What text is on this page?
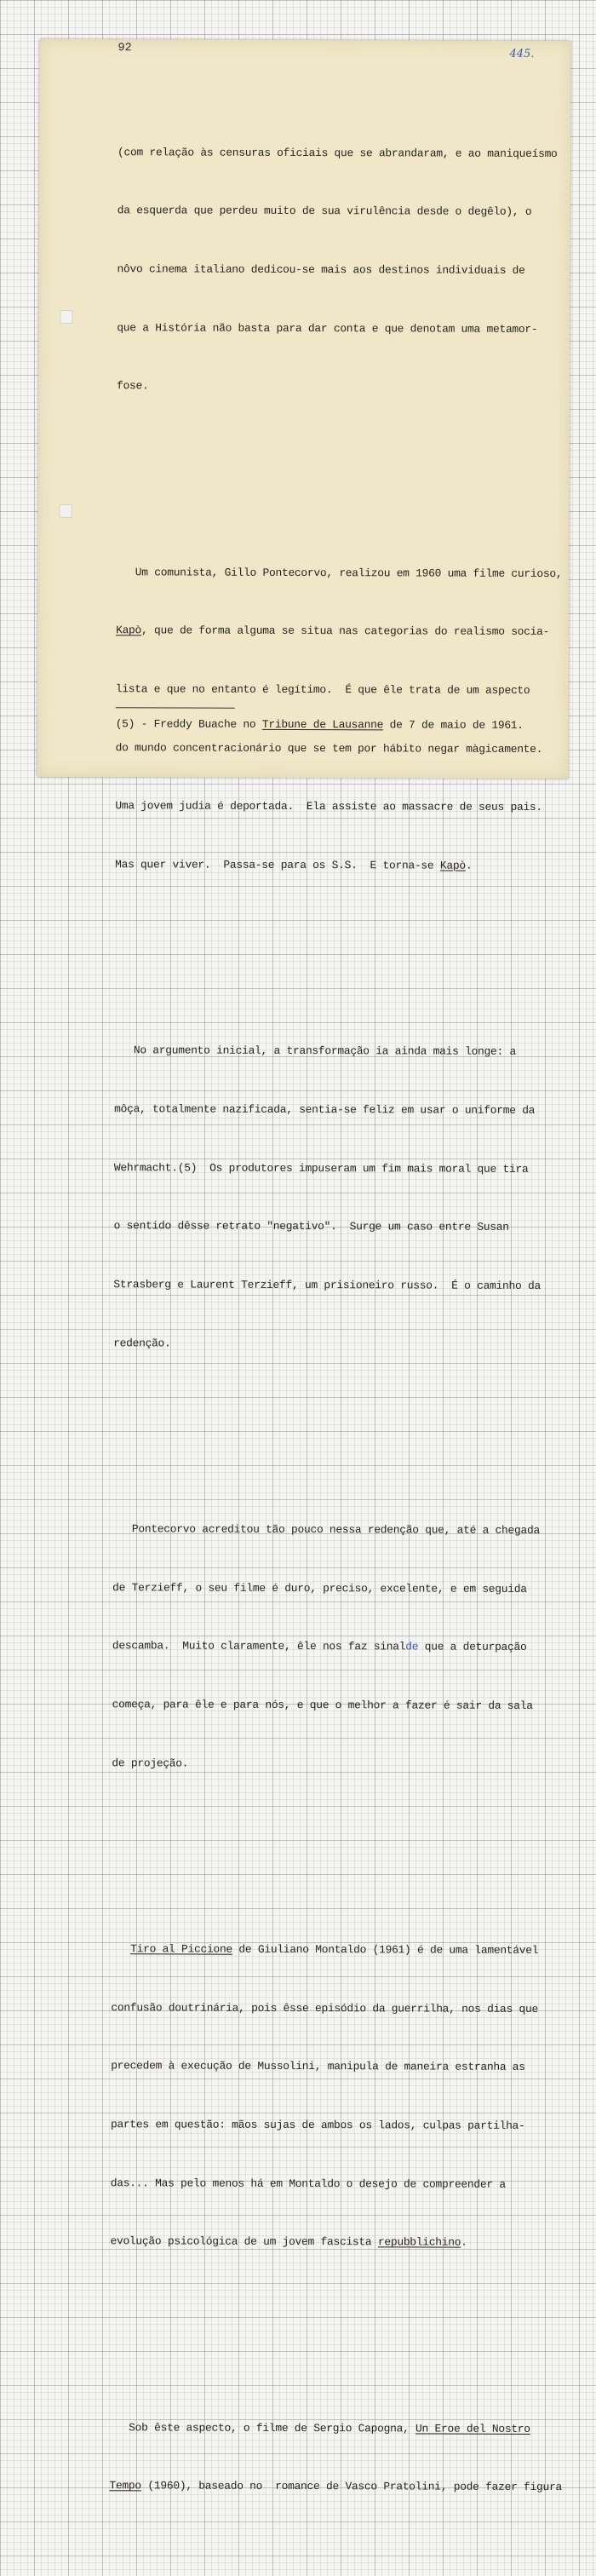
92	445.

(com relação às censuras oficiais que se abrandaram, e ao maniqueísmo

da esquerda que perdeu muito de sua virulência desde o degêlo), o

nôvo cinema italiano dedicou-se mais aos destinos individuais de

que a História não basta para dar conta e que denotam uma metamor-

fose.

Um comunista, Gillo Pontecorvo, realizou em 1960 uma filme curioso,

Kapò, que de forma alguma se situa nas categorias do realismo socia-

lista e que no entanto é legítimo.  É que êle trata de um aspecto

do mundo concentracionário que se tem por hábito negar màgicamente.

Uma jovem judia é deportada.  Ela assiste ao massacre de seus pais.

Mas quer viver.  Passa-se para os S.S.  E torna-se Kapò.

No argumento inicial, a transformação ia ainda mais longe: a

môça, totalmente nazificada, sentia-se feliz em usar o uniforme da

Wehrmacht.(5)  Os produtores impuseram um fim mais moral que tira

o sentido dêsse retrato "negativo".  Surge um caso entre Susan

Strasberg e Laurent Terzieff, um prisioneiro russo.  É o caminho da

redenção.

Pontecorvo acreditou tão pouco nessa redenção que, até a chegada

de Terzieff, o seu filme é duro, preciso, excelente, e em seguida

descamba.  Muito claramente, êle nos faz sinalde que a deturpação

começa, para êle e para nós, e que o melhor a fazer é sair da sala

de projeção.

Tiro al Piccione de Giuliano Montaldo (1961) é de uma lamentável

confusão doutrinária, pois êsse episódio da guerrilha, nos dias que

precedem à execução de Mussolini, manipula de maneira estranha as

partes em questão: mãos sujas de ambos os lados, culpas partilha-

das... Mas pelo menos há em Montaldo o desejo de compreender a

evolução psicológica de um jovem fascista repubblichino.

Sob êste aspecto, o filme de Sergio Capogna, Un Eroe del Nostro

Tempo (1960), baseado no  romance de Vasco Pratolini, pode fazer figura

(5) - Freddy Buache no Tribune de Lausanne de 7 de maio de 1961.
